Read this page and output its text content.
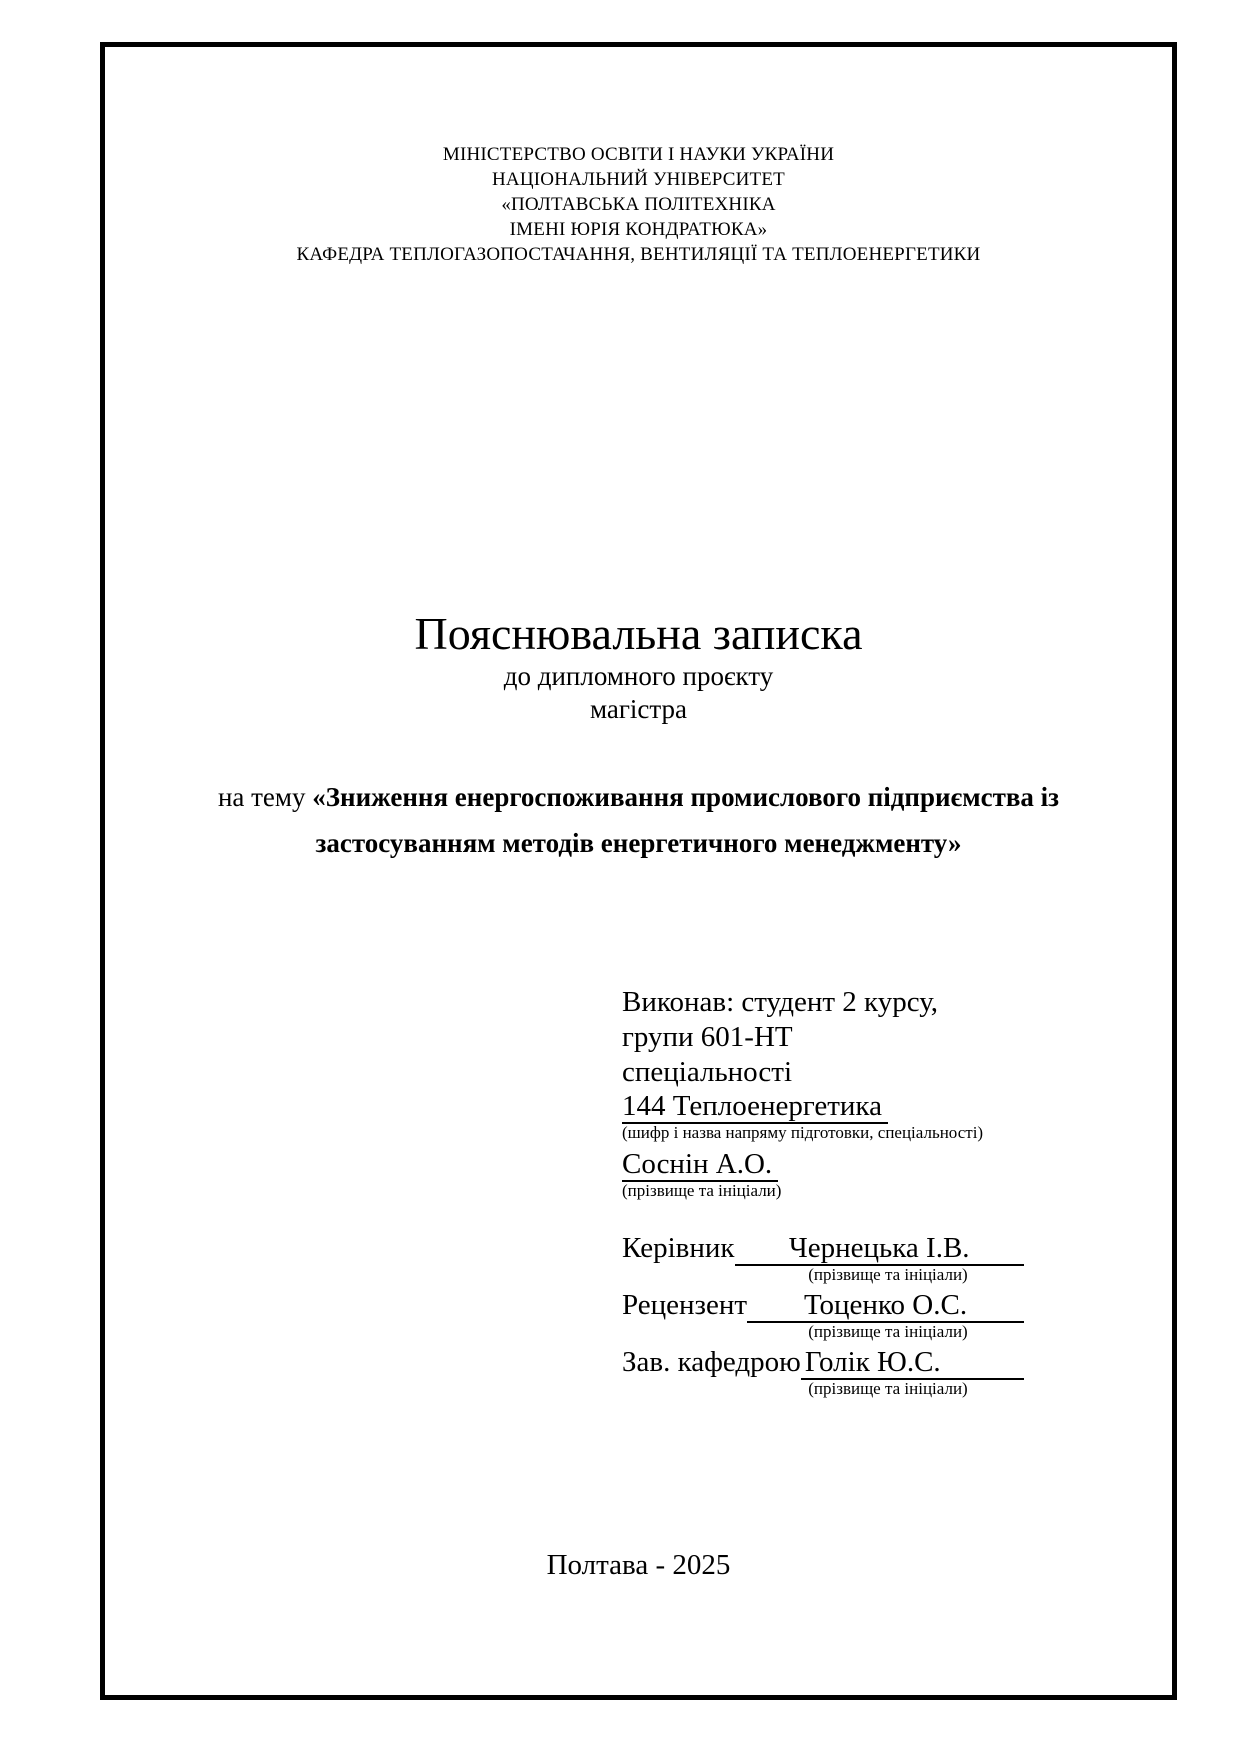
МІНІСТЕРСТВО ОСВІТИ І НАУКИ УКРАЇНИ
НАЦІОНАЛЬНИЙ УНІВЕРСИТЕТ
«ПОЛТАВСЬКА ПОЛІТЕХНІКА
ІМЕНІ ЮРІЯ КОНДРАТЮКА»
КАФЕДРА ТЕПЛОГАЗОПОСТАЧАННЯ, ВЕНТИЛЯЦІЇ ТА ТЕПЛОЕНЕРГЕТИКИ
Пояснювальна записка
до дипломного проєкту
магістра
на тему «Зниження енергоспоживання промислового підприємства із
застосуванням методів енергетичного менеджменту»
Виконав: студент 2 курсу,
групи 601-НТ
спеціальності
144 Теплоенергетика
(шифр і назва напряму підготовки, спеціальності)
Соснін А.О.
(прізвище та ініціали)
Керівник	Чернецька І.В.
(прізвище та ініціали)
Рецензент	Тоценко О.С.
(прізвище та ініціали)
Зав. кафедрою Голік Ю.С.
(прізвище та ініціали)
Полтава - 2025
